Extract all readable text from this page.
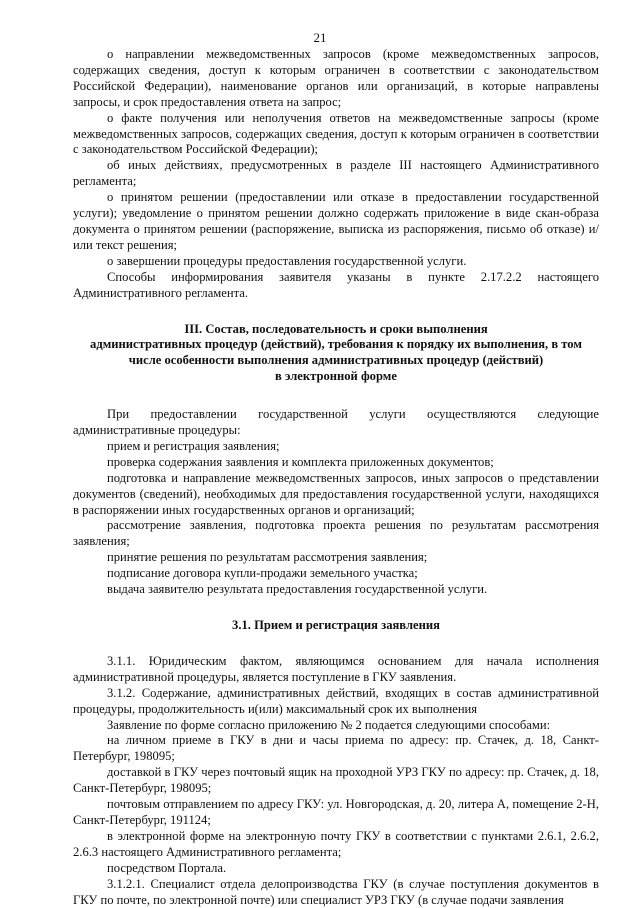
21

о направлении межведомственных запросов (кроме межведомственных запросов, содержащих сведения, доступ к которым ограничен в соответствии с законодательством Российской Федерации), наименование органов или организаций, в которые направлены запросы, и срок предоставления ответа на запрос;

о факте получения или неполучения ответов на межведомственные запросы (кроме межведомственных запросов, содержащих сведения, доступ к которым ограничен в соответствии с законодательством Российской Федерации);

об иных действиях, предусмотренных в разделе III настоящего Административного регламента;

о принятом решении (предоставлении или отказе в предоставлении государственной услуги); уведомление о принятом решении должно содержать приложение в виде скан-образа документа о принятом решении (распоряжение, выписка из распоряжения, письмо об отказе) и/или текст решения;

о завершении процедуры предоставления государственной услуги.

Способы информирования заявителя указаны в пункте 2.17.2.2 настоящего Административного регламента.

III. Состав, последовательность и сроки выполнения

административных процедур (действий), требования к порядку их выполнения, в том

числе особенности выполнения административных процедур (действий)

в электронной форме

При предоставлении государственной услуги осуществляются следующие административные процедуры:

прием и регистрация заявления;

проверка содержания заявления и комплекта приложенных документов;

подготовка и направление межведомственных запросов, иных запросов о представлении документов (сведений), необходимых для предоставления государственной услуги, находящихся в распоряжении иных государственных органов и организаций;

рассмотрение заявления, подготовка проекта решения по результатам рассмотрения заявления;

принятие решения по результатам рассмотрения заявления;

подписание договора купли-продажи земельного участка;

выдача заявителю результата предоставления государственной услуги.

3.1. Прием и регистрация заявления

3.1.1. Юридическим фактом, являющимся основанием для начала исполнения административной процедуры, является поступление в ГКУ заявления.

3.1.2. Содержание, административных действий, входящих в состав административной процедуры, продолжительность и(или) максимальный срок их выполнения

Заявление по форме согласно приложению № 2 подается следующими способами:

на личном приеме в ГКУ в дни и часы приема по адресу: пр. Стачек, д. 18, Санкт-Петербург, 198095;

доставкой в ГКУ через почтовый ящик на проходной УРЗ ГКУ по адресу: пр. Стачек, д. 18, Санкт-Петербург, 198095;

почтовым отправлением по адресу ГКУ: ул. Новгородская, д. 20, литера А, помещение 2-Н, Санкт-Петербург, 191124;

в электронной форме на электронную почту ГКУ в соответствии с пунктами 2.6.1, 2.6.2, 2.6.3 настоящего Административного регламента;

посредством Портала.

3.1.2.1. Специалист отдела делопроизводства ГКУ (в случае поступления документов в ГКУ по почте, по электронной почте) или специалист УРЗ ГКУ (в случае подачи заявления
